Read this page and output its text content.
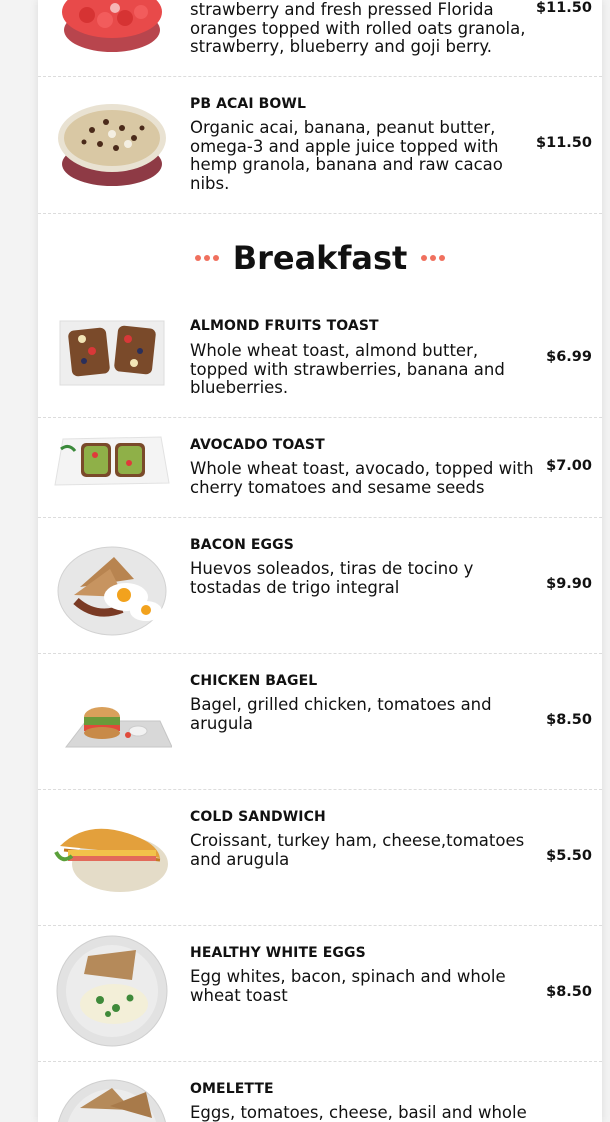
strawberry and fresh pressed Florida oranges topped with rolled oats granola, strawberry, blueberry and goji berry.
$11.50
PB ACAI BOWL
Organic acai, banana, peanut butter, omega-3 and apple juice topped with hemp granola, banana and raw cacao nibs.
$11.50
Breakfast
ALMOND FRUITS TOAST
Whole wheat toast, almond butter, topped with strawberries, banana and blueberries.
$6.99
AVOCADO TOAST
Whole wheat toast, avocado, topped with cherry tomatoes and sesame seeds
$7.00
BACON EGGS
Huevos soleados, tiras de tocino y tostadas de trigo integral	$9.90
CHICKEN BAGEL
Bagel, grilled chicken, tomatoes and arugula	$8.50
COLD SANDWICH
Croissant, turkey ham, cheese,tomatoes and arugula	$5.50
HEALTHY WHITE EGGS
Egg whites, bacon, spinach and whole wheat toast	$8.50
OMELETTE
Eggs, tomatoes, cheese, basil and whole
